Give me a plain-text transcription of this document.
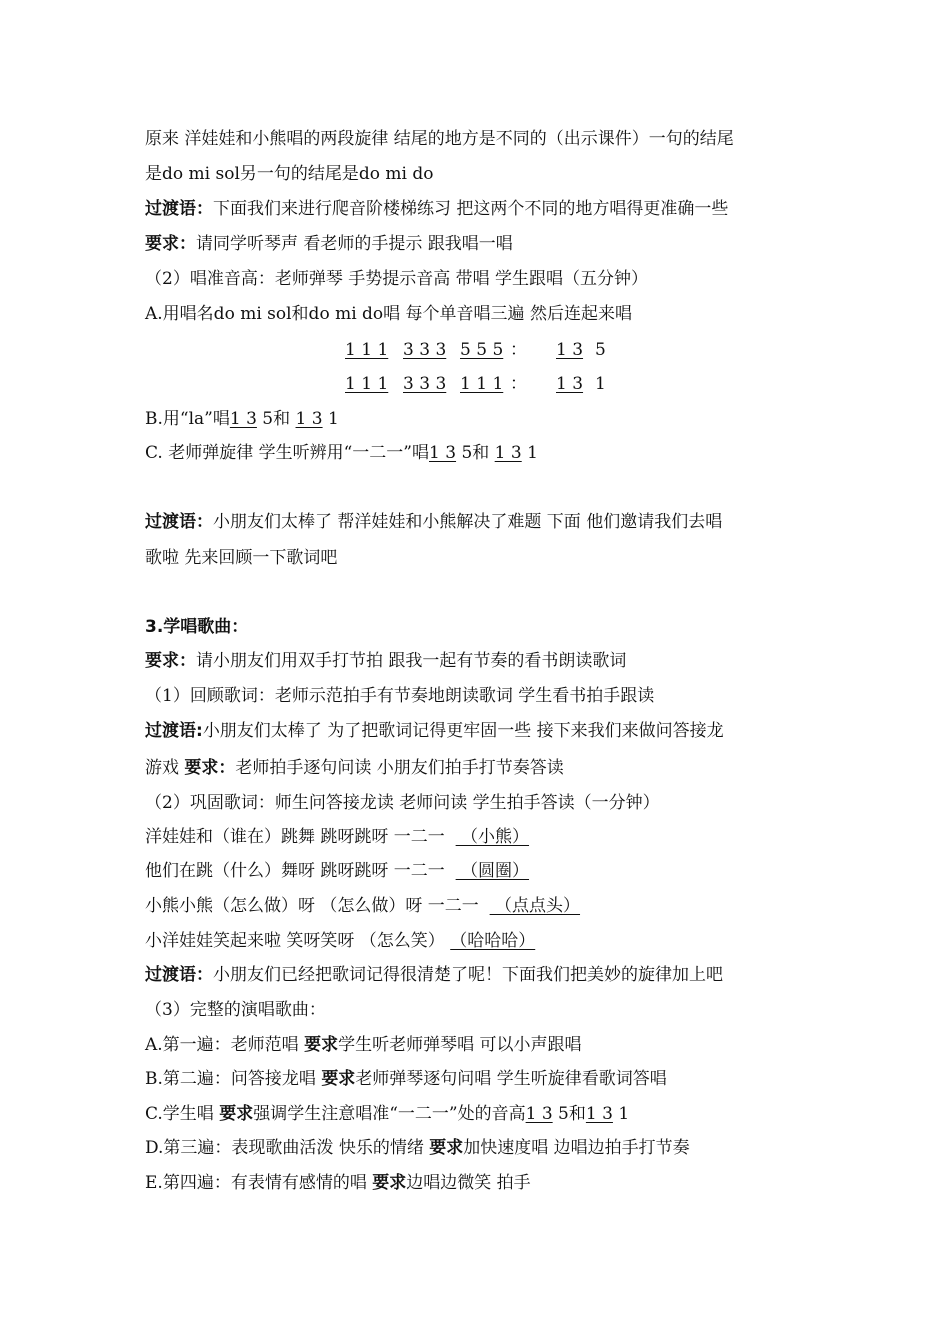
原来 洋娃娃和小熊唱的两段旋律 结尾的地方是不同的（出示课件）一句的结尾
是do mi sol另一句的结尾是do mi do
过渡语：下面我们来进行爬音阶楼梯练习 把这两个不同的地方唱得更准确一些
要求：请同学听琴声 看老师的手提示 跟我唱一唱
（2）唱准音高：老师弹琴 手势提示音高 带唱 学生跟唱（五分钟）
A.用唱名do mi sol和do mi do唱 每个单音唱三遍 然后连起来唱
1 1 1 3 3 3 5 5 5 ： 1 3 5
1 1 1 3 3 3 1 1 1 ： 1 3 1
B.用“la”唱1 3 5和 1 3 1
C. 老师弹旋律 学生听辨用“一二一”唱1 3 5和 1 3 1
过渡语：小朋友们太棒了 帮洋娃娃和小熊解决了难题 下面 他们邀请我们去唱
歌啦 先来回顾一下歌词吧
3.学唱歌曲：
要求：请小朋友们用双手打节拍 跟我一起有节奏的看书朗读歌词
（1）回顾歌词：老师示范拍手有节奏地朗读歌词 学生看书拍手跟读
过渡语:小朋友们太棒了 为了把歌词记得更牢固一些 接下来我们来做问答接龙
游戏 要求：老师拍手逐句问读 小朋友们拍手打节奏答读
（2）巩固歌词：师生问答接龙读 老师问读 学生拍手答读（一分钟）
洋娃娃和（谁在）跳舞 跳呀跳呀 一二一   （小熊）
他们在跳（什么）舞呀 跳呀跳呀 一二一   （圆圈）
小熊小熊（怎么做）呀 （怎么做）呀 一二一   （点点头）
小洋娃娃笑起来啦 笑呀笑呀 （怎么笑） （哈哈哈）
过渡语：小朋友们已经把歌词记得很清楚了呢！下面我们把美妙的旋律加上吧
（3）完整的演唱歌曲：
A.第一遍：老师范唱 要求学生听老师弹琴唱 可以小声跟唱
B.第二遍：问答接龙唱 要求老师弹琴逐句问唱 学生听旋律看歌词答唱
C.学生唱 要求强调学生注意唱准“一二一”处的音高1 3 5和1 3 1
D.第三遍：表现歌曲活泼 快乐的情绪 要求加快速度唱 边唱边拍手打节奏
E.第四遍：有表情有感情的唱 要求边唱边微笑 拍手
